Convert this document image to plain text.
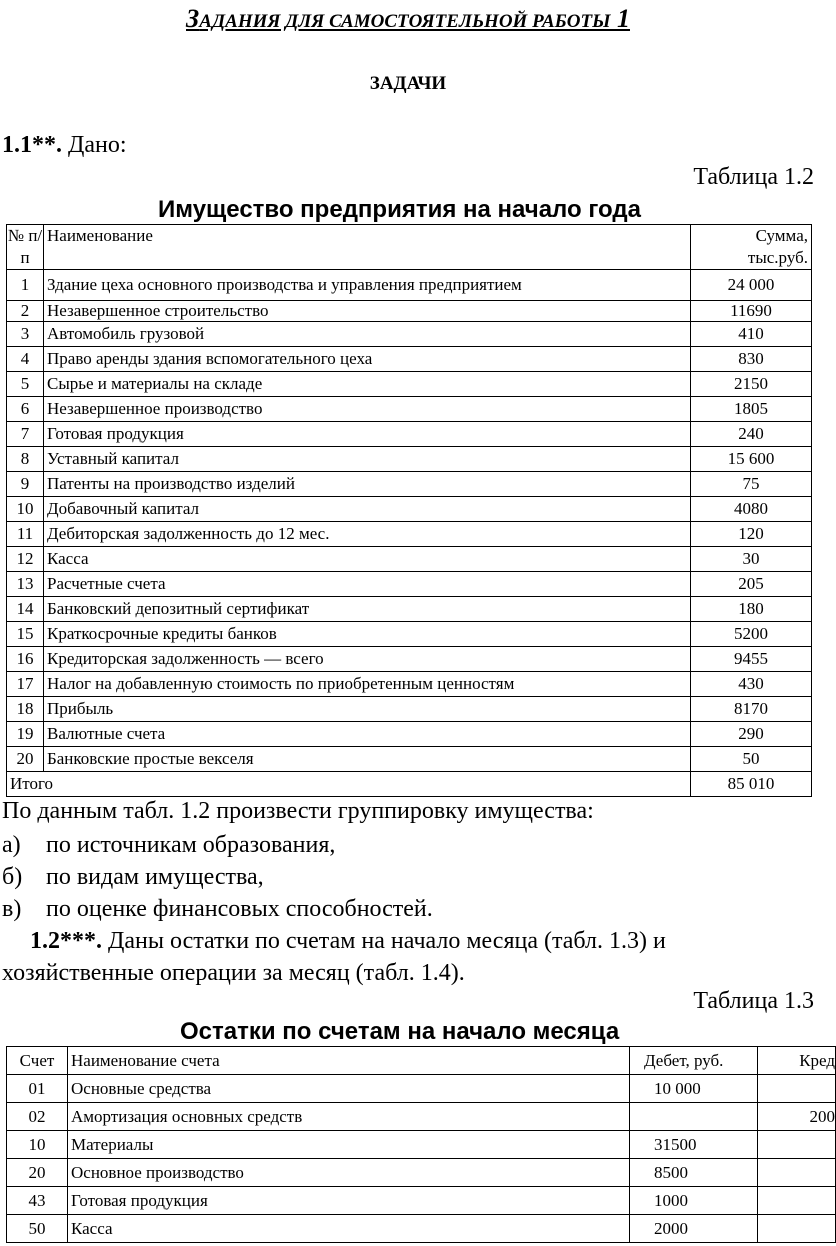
ЗАДАНИЯ ДЛЯ САМОСТОЯТЕЛЬНОЙ РАБОТЫ 1
ЗАДАЧИ
1.1**. Дано:
Таблица 1.2
Имущество предприятия на начало года
№ п/п	Наименование	Сумма, тыс.руб.
1	Здание цеха основного производства и управления предприятием	24 000
2	Незавершенное строительство	11690
3	Автомобиль грузовой	410
4	Право аренды здания вспомогательного цеха	830
5	Сырье и материалы на складе	2150
6	Незавершенное производство	1805
7	Готовая продукция	240
8	Уставный капитал	15 600
9	Патенты на производство изделий	75
10	Добавочный капитал	4080
11	Дебиторская задолженность до 12 мес.	120
12	Касса	30
13	Расчетные счета	205
14	Банковский депозитный сертификат	180
15	Краткосрочные кредиты банков	5200
16	Кредиторская задолженность — всего	9455
17	Налог на добавленную стоимость по приобретенным ценностям	430
18	Прибыль	8170
19	Валютные счета	290
20	Банковские простые векселя	50
Итого		85 010
По данным табл. 1.2 произвести группировку имущества:
а) по источникам образования,
б) по видам имущества,
в) по оценке финансовых способностей.
1.2***. Даны остатки по счетам на начало месяца (табл. 1.3) и
хозяйственные операции за месяц (табл. 1.4).
Таблица 1.3
Остатки по счетам на начало месяца
Счет	Наименование счета	Дебет, руб.	Кред
01	Основные средства	10 000	
02	Амортизация основных средств		200
10	Материалы	31500	
20	Основное производство	8500	
43	Готовая продукция	1000	
50	Касса	2000	
